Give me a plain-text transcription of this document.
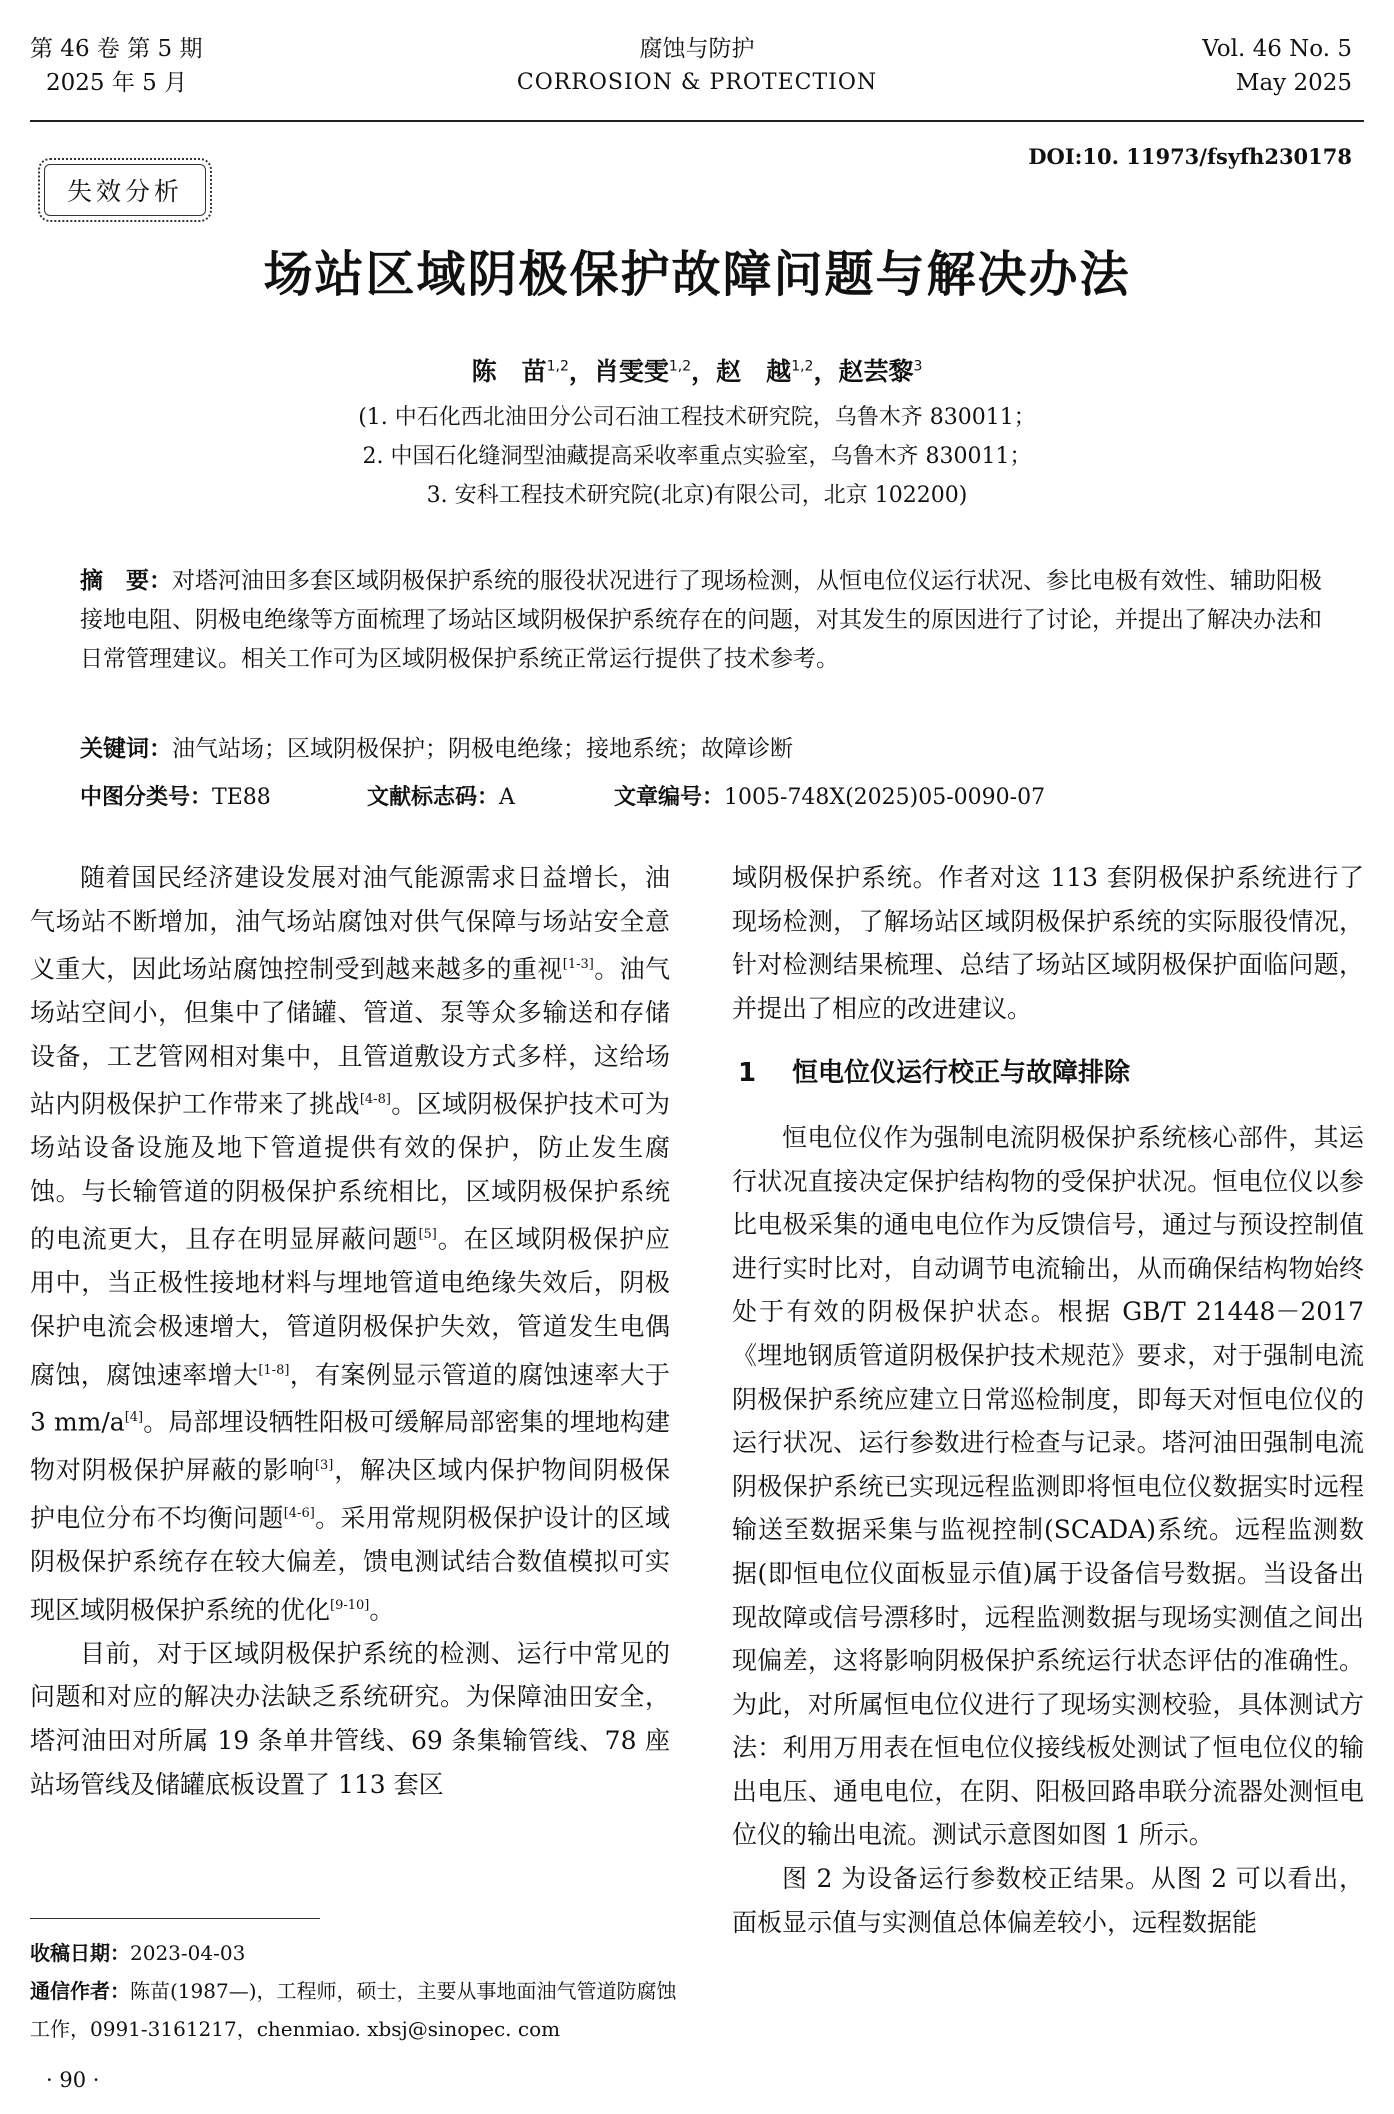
第 46 卷 第 5 期
2025 年 5 月
腐蚀与防护
CORROSION & PROTECTION
Vol. 46 No. 5
May 2025
DOI:10. 11973/fsyfh230178
失效分析
场站区域阴极保护故障问题与解决办法
陈　苗$^{1,2}$，肖雯雯$^{1,2}$，赵　越$^{1,2}$，赵芸黎$^3$
(1. 中石化西北油田分公司石油工程技术研究院，乌鲁木齐 830011；
2. 中国石化缝洞型油藏提高采收率重点实验室，乌鲁木齐 830011；
3. 安科工程技术研究院(北京)有限公司，北京 102200)
摘　要：对塔河油田多套区域阴极保护系统的服役状况进行了现场检测，从恒电位仪运行状况、参比电极有效性、辅助阳极接地电阻、阴极电绝缘等方面梳理了场站区域阴极保护系统存在的问题，对其发生的原因进行了讨论，并提出了解决办法和日常管理建议。相关工作可为区域阴极保护系统正常运行提供了技术参考。
关键词：油气站场；区域阴极保护；阴极电绝缘；接地系统；故障诊断
中图分类号：TE88	文献标志码：A	文章编号：1005-748X(2025)05-0090-07

随着国民经济建设发展对油气能源需求日益增长，油气场站不断增加，油气场站腐蚀对供气保障与场站安全意义重大，因此场站腐蚀控制受到越来越多的重视[1-3]。油气场站空间小，但集中了储罐、管道、泵等众多输送和存储设备，工艺管网相对集中，且管道敷设方式多样，这给场站内阴极保护工作带来了挑战[4-8]。区域阴极保护技术可为场站设备设施及地下管道提供有效的保护，防止发生腐蚀。与长输管道的阴极保护系统相比，区域阴极保护系统的电流更大，且存在明显屏蔽问题[5]。在区域阴极保护应用中，当正极性接地材料与埋地管道电绝缘失效后，阴极保护电流会极速增大，管道阴极保护失效，管道发生电偶腐蚀，腐蚀速率增大[1-8]，有案例显示管道的腐蚀速率大于 3 mm/a[4]。局部埋设牺牲阳极可缓解局部密集的埋地构建物对阴极保护屏蔽的影响[3]，解决区域内保护物间阴极保护电位分布不均衡问题[4-6]。采用常规阴极保护设计的区域阴极保护系统存在较大偏差，馈电测试结合数值模拟可实现区域阴极保护系统的优化[9-10]。

目前，对于区域阴极保护系统的检测、运行中常见的问题和对应的解决办法缺乏系统研究。为保障油田安全，塔河油田对所属 19 条单井管线、69 条集输管线、78 座站场管线及储罐底板设置了 113 套区

域阴极保护系统。作者对这 113 套阴极保护系统进行了现场检测，了解场站区域阴极保护系统的实际服役情况，针对检测结果梳理、总结了场站区域阴极保护面临问题，并提出了相应的改进建议。

1 恒电位仪运行校正与故障排除

恒电位仪作为强制电流阴极保护系统核心部件，其运行状况直接决定保护结构物的受保护状况。恒电位仪以参比电极采集的通电电位作为反馈信号，通过与预设控制值进行实时比对，自动调节电流输出，从而确保结构物始终处于有效的阴极保护状态。根据 GB/T 21448－2017《埋地钢质管道阴极保护技术规范》要求，对于强制电流阴极保护系统应建立日常巡检制度，即每天对恒电位仪的运行状况、运行参数进行检查与记录。塔河油田强制电流阴极保护系统已实现远程监测即将恒电位仪数据实时远程输送至数据采集与监视控制(SCADA)系统。远程监测数据(即恒电位仪面板显示值)属于设备信号数据。当设备出现故障或信号漂移时，远程监测数据与现场实测值之间出现偏差，这将影响阴极保护系统运行状态评估的准确性。为此，对所属恒电位仪进行了现场实测校验，具体测试方法：利用万用表在恒电位仪接线板处测试了恒电位仪的输出电压、通电电位，在阴、阳极回路串联分流器处测恒电位仪的输出电流。测试示意图如图 1 所示。

图 2 为设备运行参数校正结果。从图 2 可以看出，面板显示值与实测值总体偏差较小，远程数据能

收稿日期：2023-04-03
通信作者：陈苗(1987—)，工程师，硕士，主要从事地面油气管道防腐蚀工作，0991-3161217，chenmiao. xbsj@sinopec. com
· 90 ·
